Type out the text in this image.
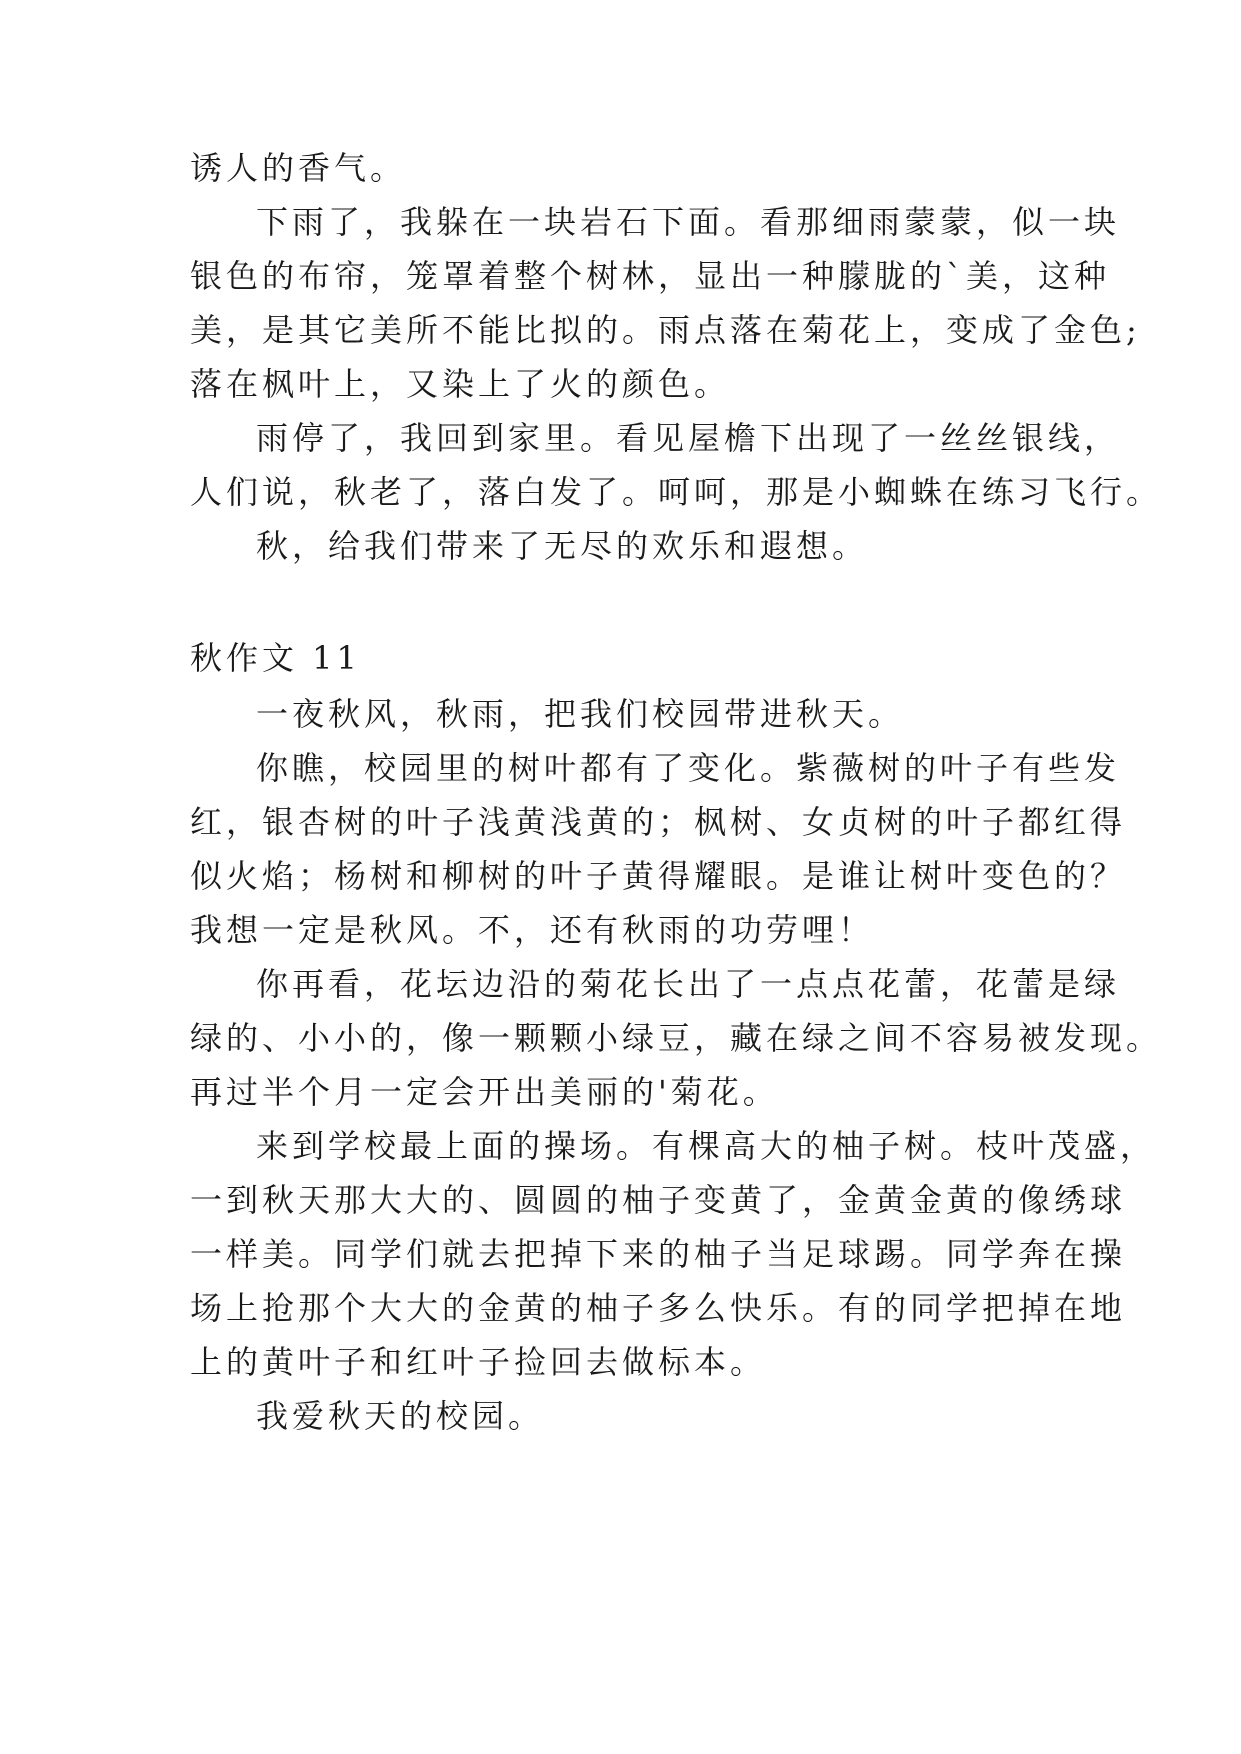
诱人的香气。
下雨了，我躲在一块岩石下面。看那细雨蒙蒙，似一块
银色的布帘，笼罩着整个树林，显出一种朦胧的`美，这种
美，是其它美所不能比拟的。雨点落在菊花上，变成了金色;
落在枫叶上，又染上了火的颜色。
雨停了，我回到家里。看见屋檐下出现了一丝丝银线，
人们说，秋老了，落白发了。呵呵，那是小蜘蛛在练习飞行。
秋，给我们带来了无尽的欢乐和遐想。
秋作文 11
一夜秋风，秋雨，把我们校园带进秋天。
你瞧，校园里的树叶都有了变化。紫薇树的叶子有些发
红，银杏树的叶子浅黄浅黄的；枫树、女贞树的叶子都红得
似火焰；杨树和柳树的叶子黄得耀眼。是谁让树叶变色的？
我想一定是秋风。不，还有秋雨的功劳哩！
你再看，花坛边沿的菊花长出了一点点花蕾，花蕾是绿
绿的、小小的，像一颗颗小绿豆，藏在绿之间不容易被发现。
再过半个月一定会开出美丽的'菊花。
来到学校最上面的操场。有棵高大的柚子树。枝叶茂盛，
一到秋天那大大的、圆圆的柚子变黄了，金黄金黄的像绣球
一样美。同学们就去把掉下来的柚子当足球踢。同学奔在操
场上抢那个大大的金黄的柚子多么快乐。有的同学把掉在地
上的黄叶子和红叶子捡回去做标本。
我爱秋天的校园。
